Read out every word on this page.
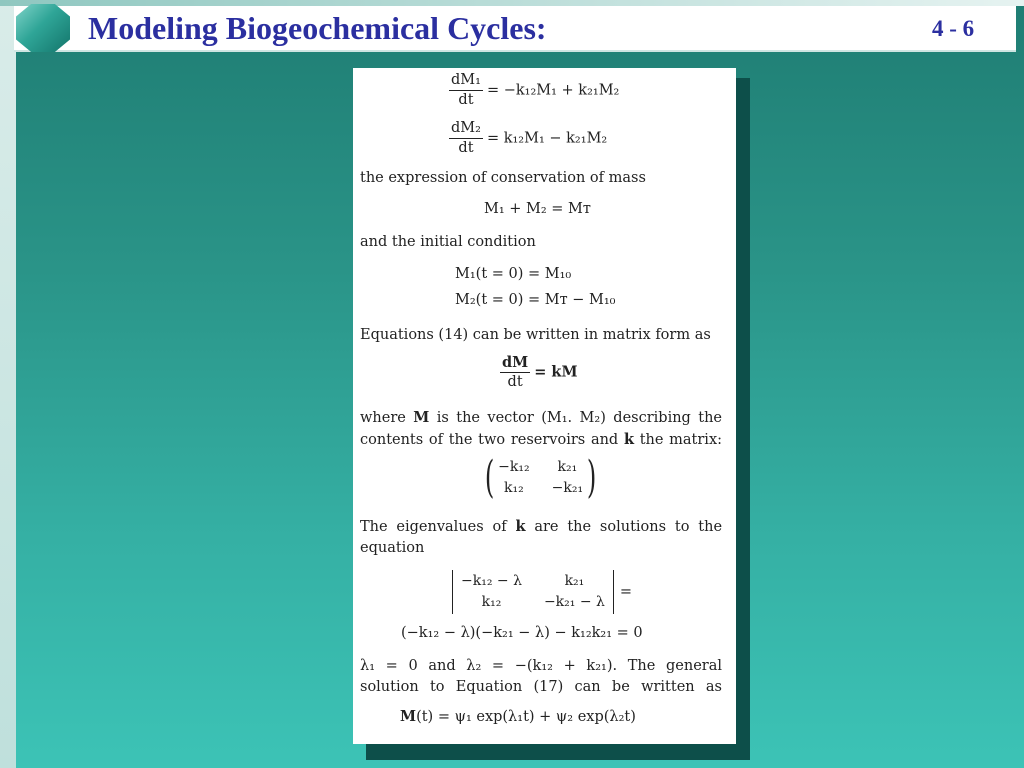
Modeling Biogeochemical Cycles:	4 - 6
$\frac{\text{dM₁}}{dt} = -k_{12}M_1 + k_{21}M_2$
$\frac{\text{dM₂}}{dt} = k_{12}M_1 - k_{21}M_2$
the expression of conservation of mass
M₁ + M₂ = Mᴛ
and the initial condition
M₁(t = 0) = M₁₀
M₂(t = 0) = Mᴛ − M₁₀
Equations (14) can be written in matrix form as
$\frac{dM}{dt}$ = kM
where M is the vector (M₁. M₂) describing the contents of the two reservoirs and k the matrix:
( −k₁₂	k₂₁
k₁₂	−k₂₁ )
The eigenvalues of k are the solutions to the equation
−k₁₂ − λ	k₂₁
k₁₂	−k₂₁ − λ
=
(−k₁₂ − λ)(−k₂₁ − λ) − k₁₂k₂₁ = 0
λ₁ = 0 and λ₂ = −(k₁₂ + k₂₁). The general solution to Equation (17) can be written as
M(t) = ψ₁ exp(λ₁t) + ψ₂ exp(λ₂t)
